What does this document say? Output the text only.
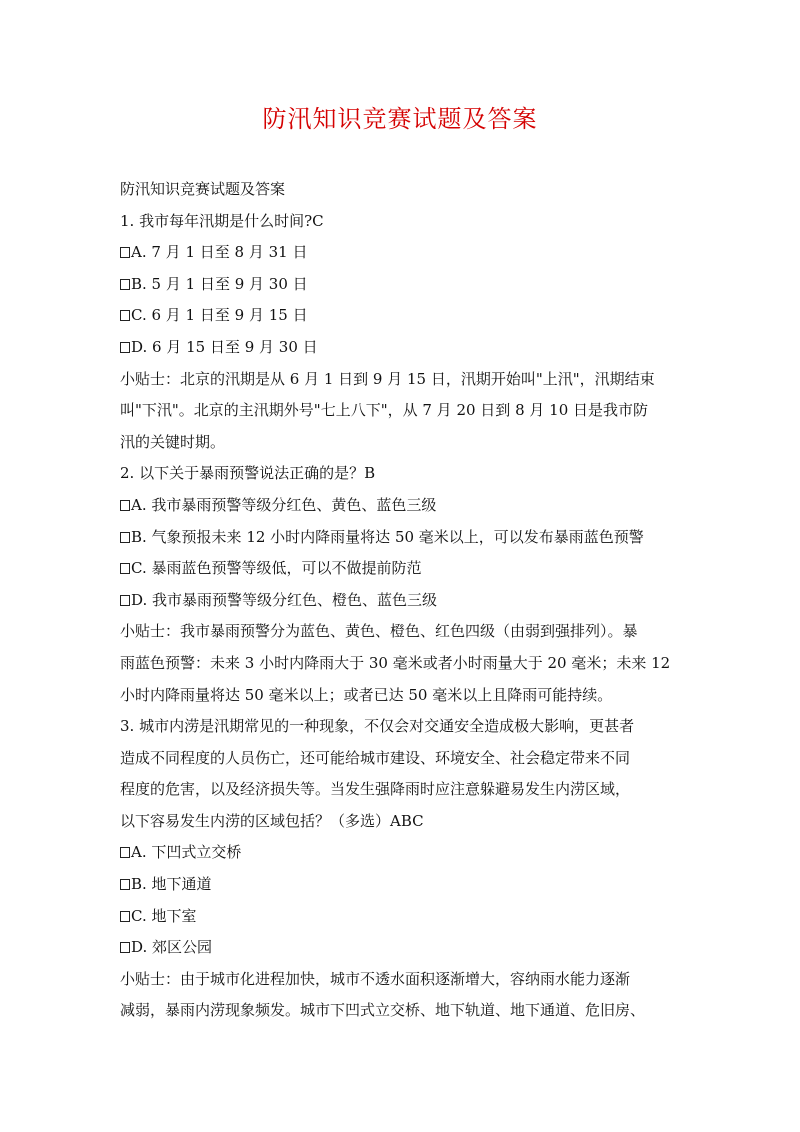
防汛知识竞赛试题及答案
防汛知识竞赛试题及答案
1. 我市每年汛期是什么时间?C
A. 7 月 1 日至 8 月 31 日
B. 5 月 1 日至 9 月 30 日
C. 6 月 1 日至 9 月 15 日
D. 6 月 15 日至 9 月 30 日
小贴士：北京的汛期是从 6 月 1 日到 9 月 15 日，汛期开始叫"上汛"，汛期结束
叫"下汛"。北京的主汛期外号"七上八下"，从 7 月 20 日到 8 月 10 日是我市防
汛的关键时期。
2. 以下关于暴雨预警说法正确的是？B
A. 我市暴雨预警等级分红色、黄色、蓝色三级
B. 气象预报未来 12 小时内降雨量将达 50 毫米以上，可以发布暴雨蓝色预警
C. 暴雨蓝色预警等级低，可以不做提前防范
D. 我市暴雨预警等级分红色、橙色、蓝色三级
小贴士：我市暴雨预警分为蓝色、黄色、橙色、红色四级（由弱到强排列）。暴
雨蓝色预警：未来 3 小时内降雨大于 30 毫米或者小时雨量大于 20 毫米；未来 12
小时内降雨量将达 50 毫米以上；或者已达 50 毫米以上且降雨可能持续。
3. 城市内涝是汛期常见的一种现象，不仅会对交通安全造成极大影响，更甚者
造成不同程度的人员伤亡，还可能给城市建设、环境安全、社会稳定带来不同
程度的危害，以及经济损失等。当发生强降雨时应注意躲避易发生内涝区域，
以下容易发生内涝的区域包括？（多选）ABC
A. 下凹式立交桥
B. 地下通道
C. 地下室
D. 郊区公园
小贴士：由于城市化进程加快，城市不透水面积逐渐增大，容纳雨水能力逐渐
减弱，暴雨内涝现象频发。城市下凹式立交桥、地下轨道、地下通道、危旧房、
